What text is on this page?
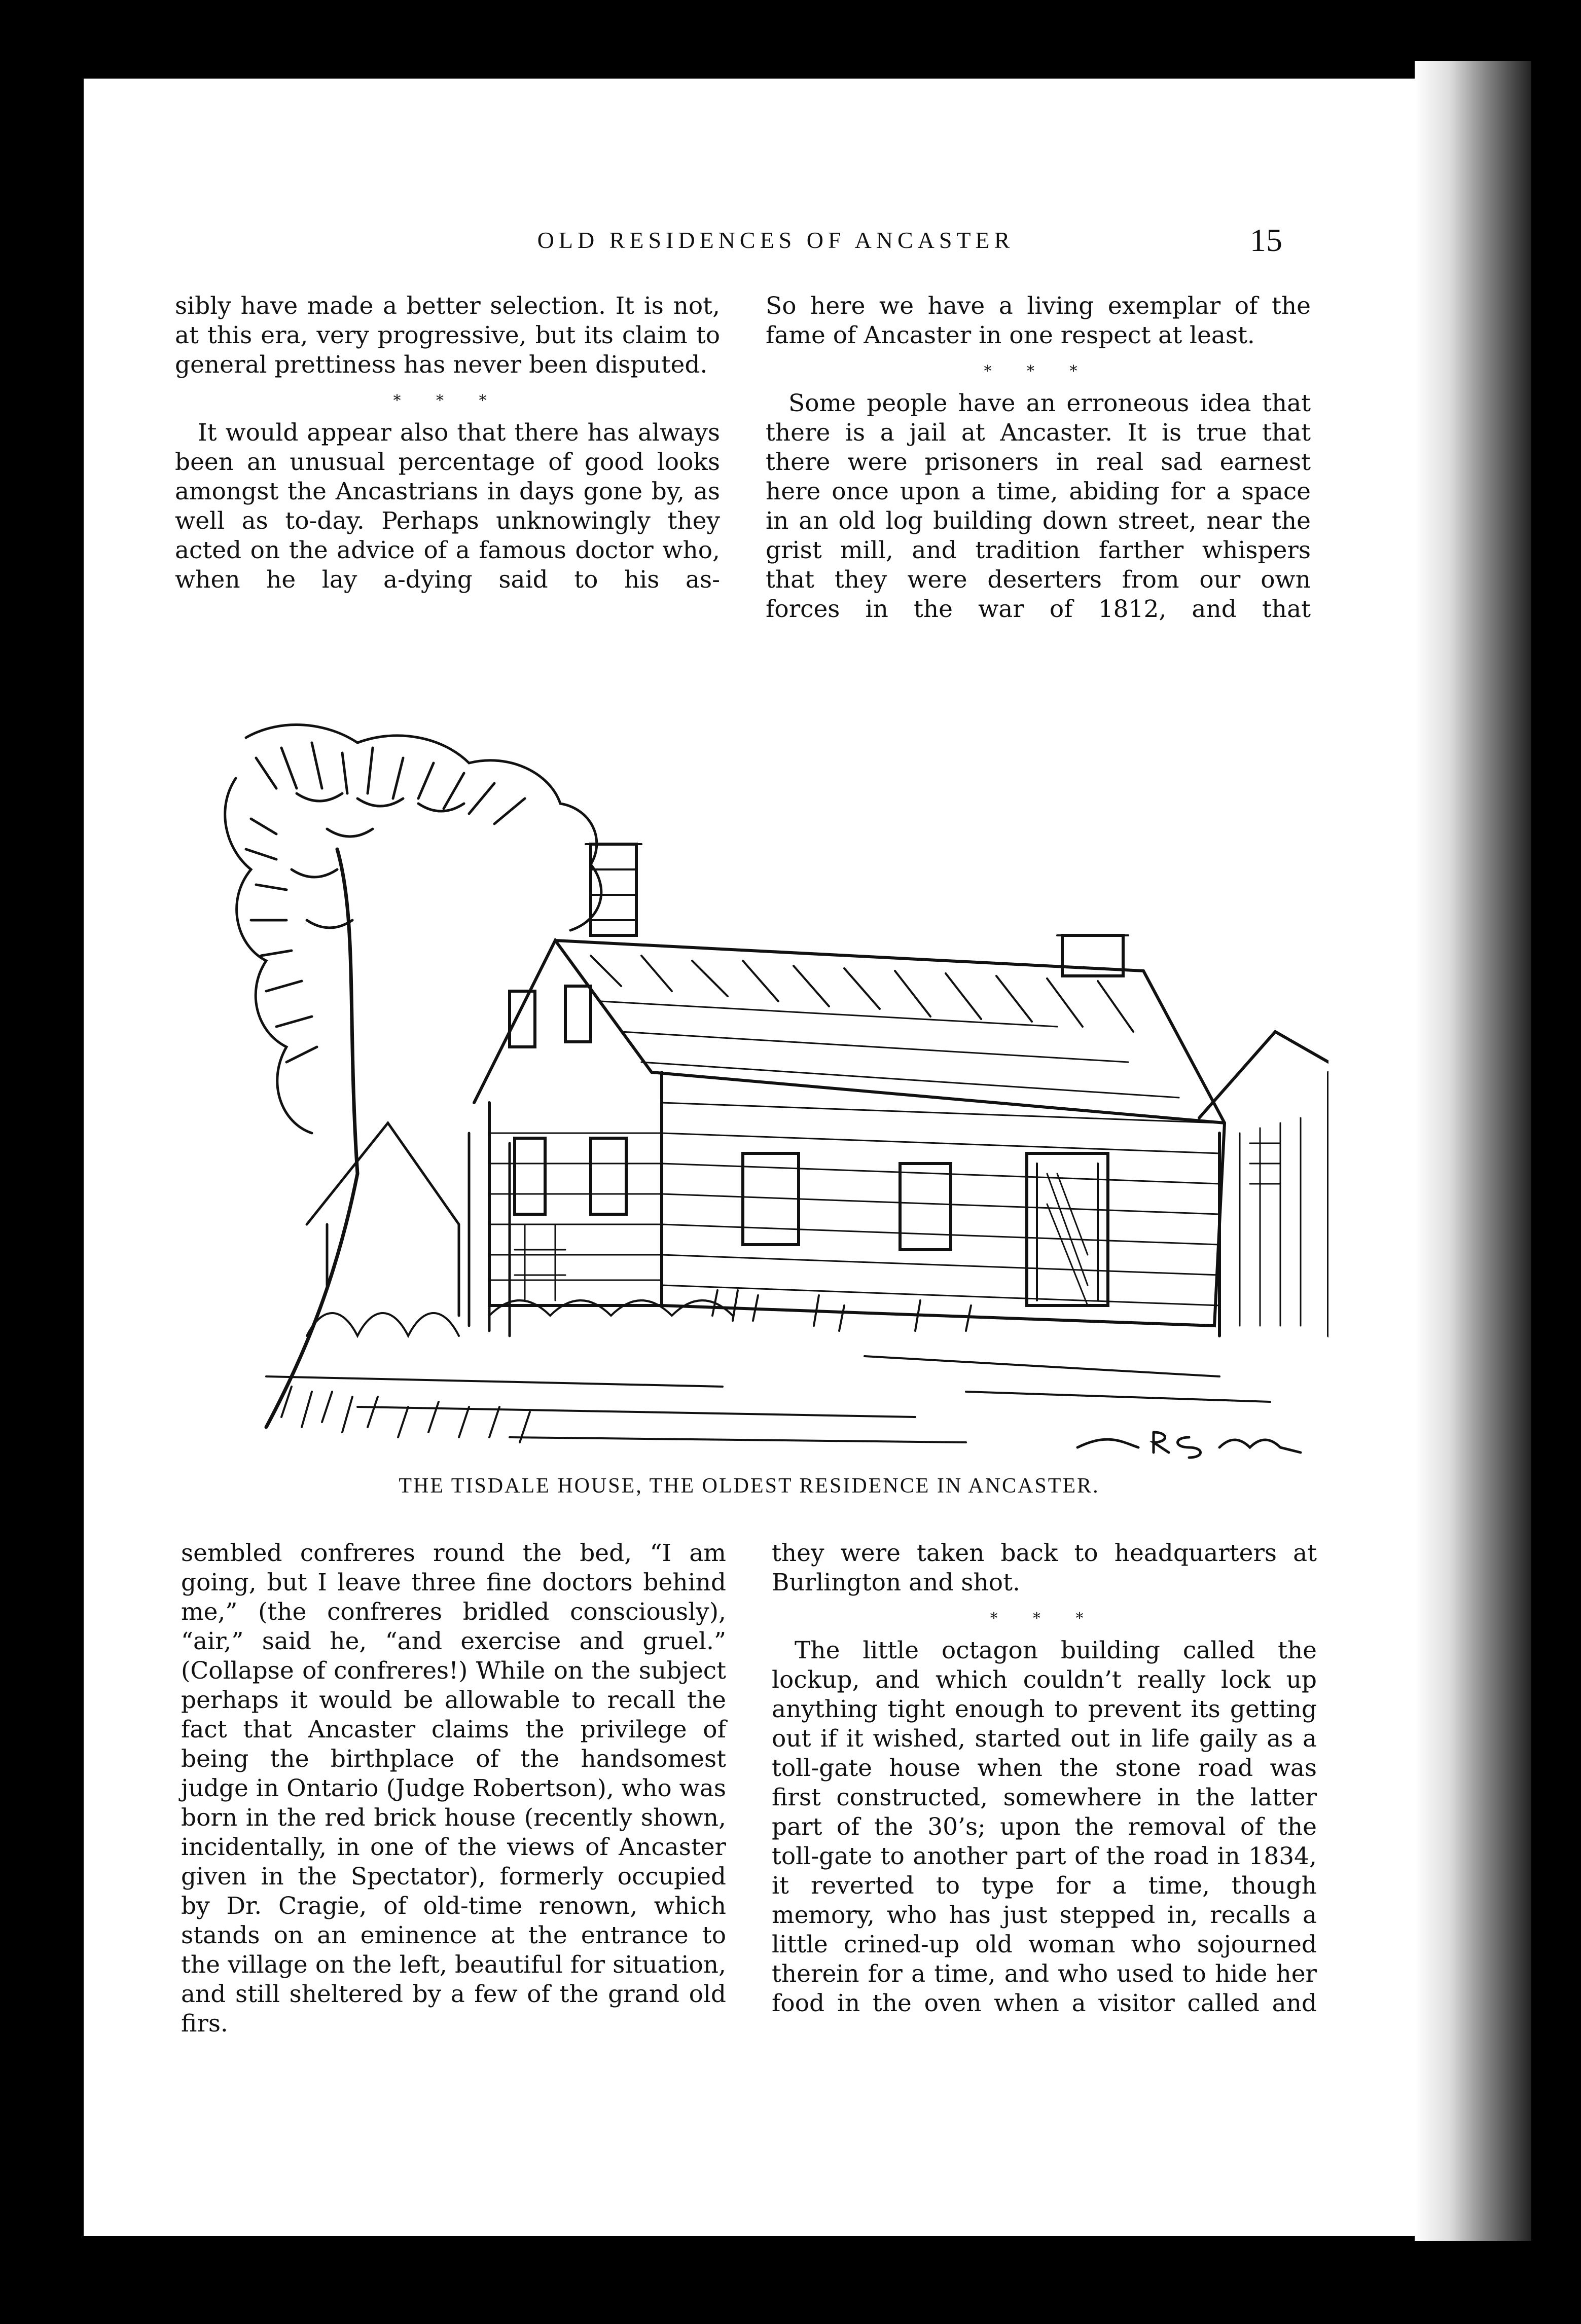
OLD RESIDENCES OF ANCASTER	15

sibly have made a better selection. It is not, at this era, very progressive, but its claim to general prettiness has never been disputed.

* * *

It would appear also that there has always been an unusual percentage of good looks amongst the Ancastrians in days gone by, as well as to-day. Perhaps unknowingly they acted on the advice of a famous doctor who, when he lay a-dying said to his as-

So here we have a living exemplar of the fame of Ancaster in one respect at least.

* * *

Some people have an erroneous idea that there is a jail at Ancaster. It is true that there were prisoners in real sad earnest here once upon a time, abiding for a space in an old log building down street, near the grist mill, and tradition farther whispers that they were deserters from our own forces in the war of 1812, and that

THE TISDALE HOUSE, THE OLDEST RESIDENCE IN ANCASTER.

sembled confreres round the bed, “I am going, but I leave three fine doctors behind me,” (the confreres bridled consciously), “air,” said he, “and exercise and gruel.” (Collapse of confreres!) While on the subject perhaps it would be allowable to recall the fact that Ancaster claims the privilege of being the birthplace of the handsomest judge in Ontario (Judge Robertson), who was born in the red brick house (recently shown, incidentally, in one of the views of Ancaster given in the Spectator), formerly occupied by Dr. Cragie, of old-time renown, which stands on an eminence at the entrance to the village on the left, beautiful for situation, and still sheltered by a few of the grand old firs.

they were taken back to headquarters at Burlington and shot.

* * *

The little octagon building called the lockup, and which couldn’t really lock up anything tight enough to prevent its getting out if it wished, started out in life gaily as a toll-gate house when the stone road was first constructed, somewhere in the latter part of the 30’s; upon the removal of the toll-gate to another part of the road in 1834, it reverted to type for a time, though memory, who has just stepped in, recalls a little crined-up old woman who sojourned therein for a time, and who used to hide her food in the oven when a visitor called and
